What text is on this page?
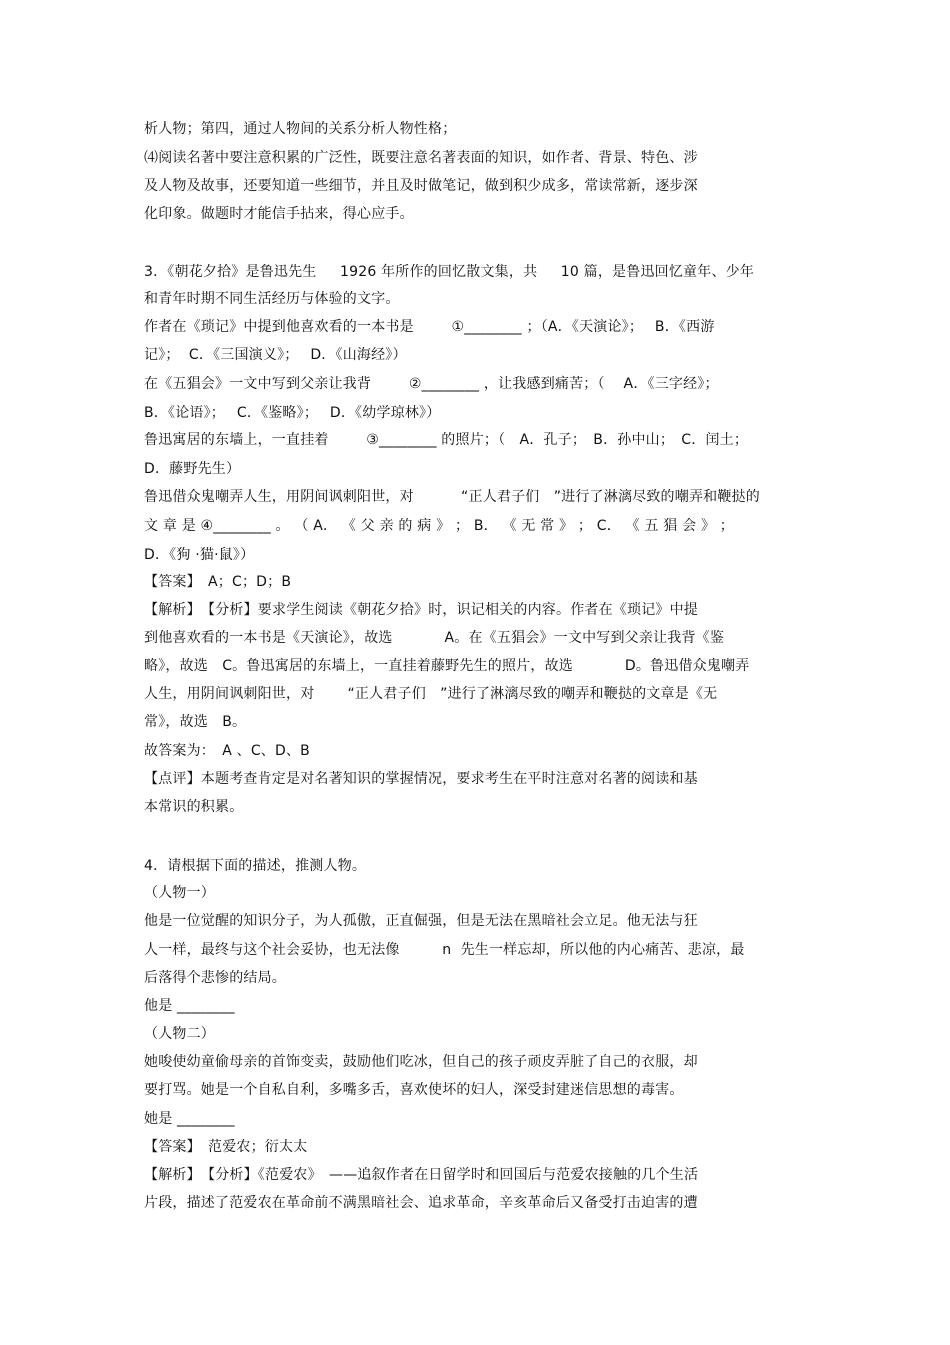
析人物；第四，通过人物间的关系分析人物性格；
⑷阅读名著中要注意积累的广泛性，既要注意名著表面的知识，如作者、背景、特色、涉
及人物及故事，还要知道一些细节，并且及时做笔记，做到积少成多，常读常新，逐步深
化印象。做题时才能信手拈来，得心应手。
3．《朝花夕拾》是鲁迅先生　  1926 年所作的回忆散文集，共　  10 篇，是鲁迅回忆童年、少年
和青年时期不同生活经历与体验的文字。
作者在《琐记》中提到他喜欢看的一本书是　　  ①________ ；（A．《天演论》；　 B．《西游
记》；  C．《三国演义》；　 D．《山海经》）
在《五猖会》一文中写到父亲让我背　　  ②________ ，让我感到痛苦；（　 A．《三字经》；
B．《论语》；　 C．《鉴略》；　 D．《幼学琼林》）
鲁迅寓居的东墙上，一直挂着　　  ③________ 的照片；（　A．孔子；　B．孙中山；　C．闰土；
D．藤野先生）
鲁迅借众鬼嘲弄人生，用阴间讽刺阳世，对　　　 “正人君子们　”进行了淋漓尽致的嘲弄和鞭挞的
文 章 是 ④________ 。 （ A． 《 父 亲 的 病 》 ； B． 《 无 常 》 ； C． 《 五 猖 会 》 ；
D．《狗 ·猫·鼠》）
【答案】　A；C；D；B
【解析】　【分析】要求学生阅读《朝花夕拾》时，识记相关的内容。作者在《琐记》中提
到他喜欢看的一本书是《天演论》，故选　　　  A。在《五猖会》一文中写到父亲让我背《鉴
略》，故选　C。鲁迅寓居的东墙上，一直挂着藤野先生的照片，故选　　　  D。鲁迅借众鬼嘲弄
人生，用阴间讽刺阳世，对　　 “正人君子们　”进行了淋漓尽致的嘲弄和鞭挞的文章是《无
常》，故选　B。
故答案为：　A 、C、D、B
【点评】本题考查肯定是对名著知识的掌握情况，要求考生在平时注意对名著的阅读和基
本常识的积累。
4．请根据下面的描述，推测人物。
（人物一）
他是一位觉醒的知识分子，为人孤傲，正直倔强，但是无法在黑暗社会立足。他无法与狂
人一样，最终与这个社会妥协，也无法像　　　n  先生一样忘却，所以他的内心痛苦、悲凉，最
后落得个悲惨的结局。
他是 ________
（人物二）
她唆使幼童偷母亲的首饰变卖，鼓励他们吃冰，但自己的孩子顽皮弄脏了自己的衣服，却
要打骂。她是一个自私自利，多嘴多舌，喜欢使坏的妇人，深受封建迷信思想的毒害。
她是 ________
【答案】　范爱农；衍太太
【解析】　【分析】《范爱农》　——追叙作者在日留学时和回国后与范爱农接触的几个生活
片段，描述了范爱农在革命前不满黑暗社会、追求革命，辛亥革命后又备受打击迫害的遭
